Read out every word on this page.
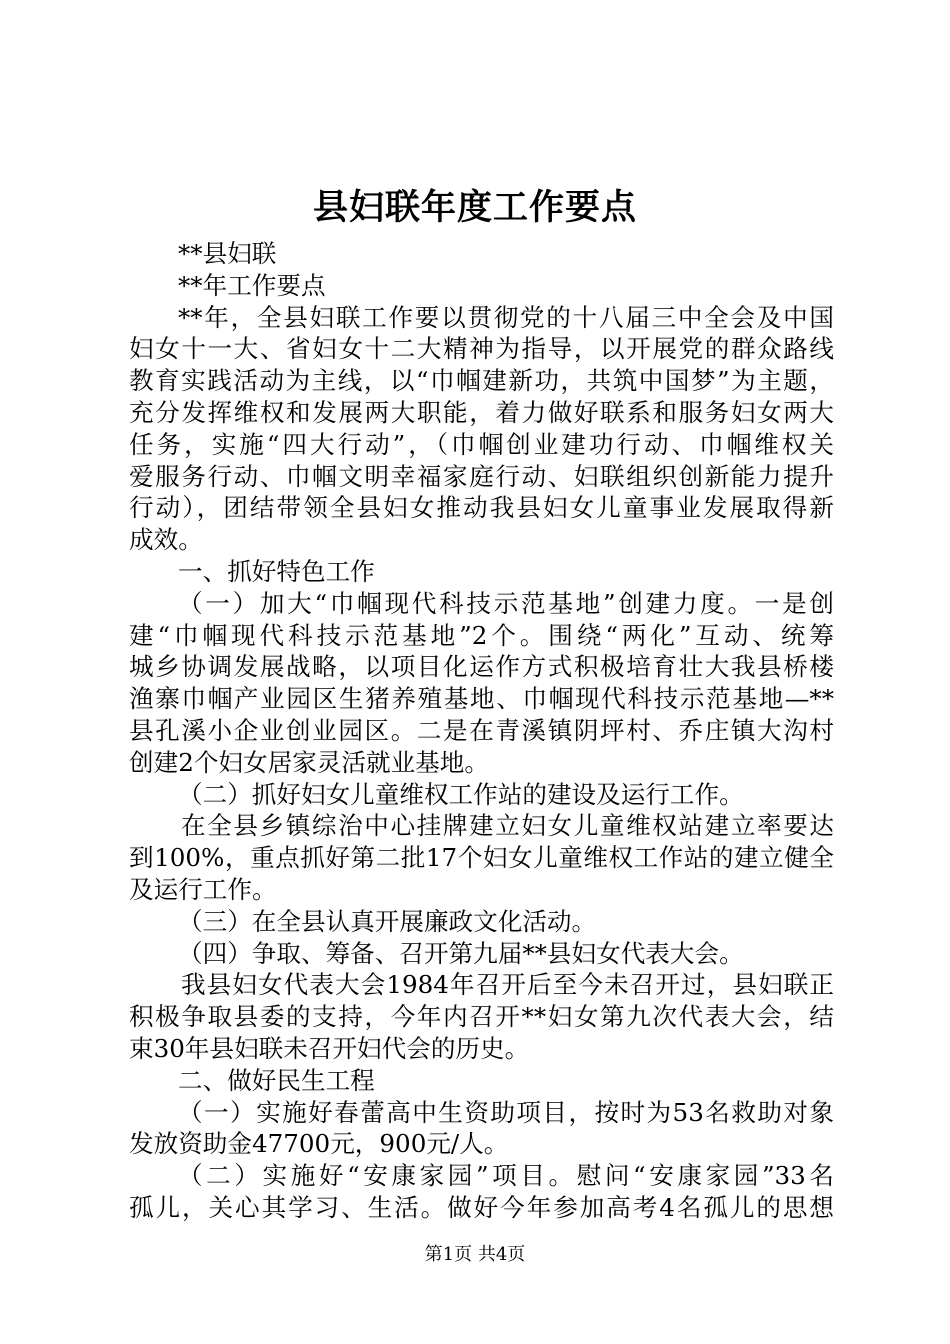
县妇联年度工作要点
**县妇联
**年工作要点
**年，全县妇联工作要以贯彻党的十八届三中全会及中国
妇女十一大、省妇女十二大精神为指导，以开展党的群众路线
教育实践活动为主线，以“巾帼建新功，共筑中国梦”为主题，
充分发挥维权和发展两大职能，着力做好联系和服务妇女两大
任务，实施“四大行动”，（巾帼创业建功行动、巾帼维权关
爱服务行动、巾帼文明幸福家庭行动、妇联组织创新能力提升
行动），团结带领全县妇女推动我县妇女儿童事业发展取得新
成效。
一、抓好特色工作
（一）加大“巾帼现代科技示范基地”创建力度。一是创
建“巾帼现代科技示范基地”2个。围绕“两化”互动、统筹
城乡协调发展战略，以项目化运作方式积极培育壮大我县桥楼
渔寨巾帼产业园区生猪养殖基地、巾帼现代科技示范基地—**
县孔溪小企业创业园区。二是在青溪镇阴坪村、乔庄镇大沟村
创建2个妇女居家灵活就业基地。
（二）抓好妇女儿童维权工作站的建设及运行工作。
在全县乡镇综治中心挂牌建立妇女儿童维权站建立率要达
到100%，重点抓好第二批17个妇女儿童维权工作站的建立健全
及运行工作。
（三）在全县认真开展廉政文化活动。
（四）争取、筹备、召开第九届**县妇女代表大会。
我县妇女代表大会1984年召开后至今未召开过，县妇联正
积极争取县委的支持，今年内召开**妇女第九次代表大会，结
束30年县妇联未召开妇代会的历史。
二、做好民生工程
（一）实施好春蕾高中生资助项目，按时为53名救助对象
发放资助金47700元，900元/人。
（二）实施好“安康家园”项目。慰问“安康家园”33名
孤儿，关心其学习、生活。做好今年参加高考4名孤儿的思想
第1页 共4页
